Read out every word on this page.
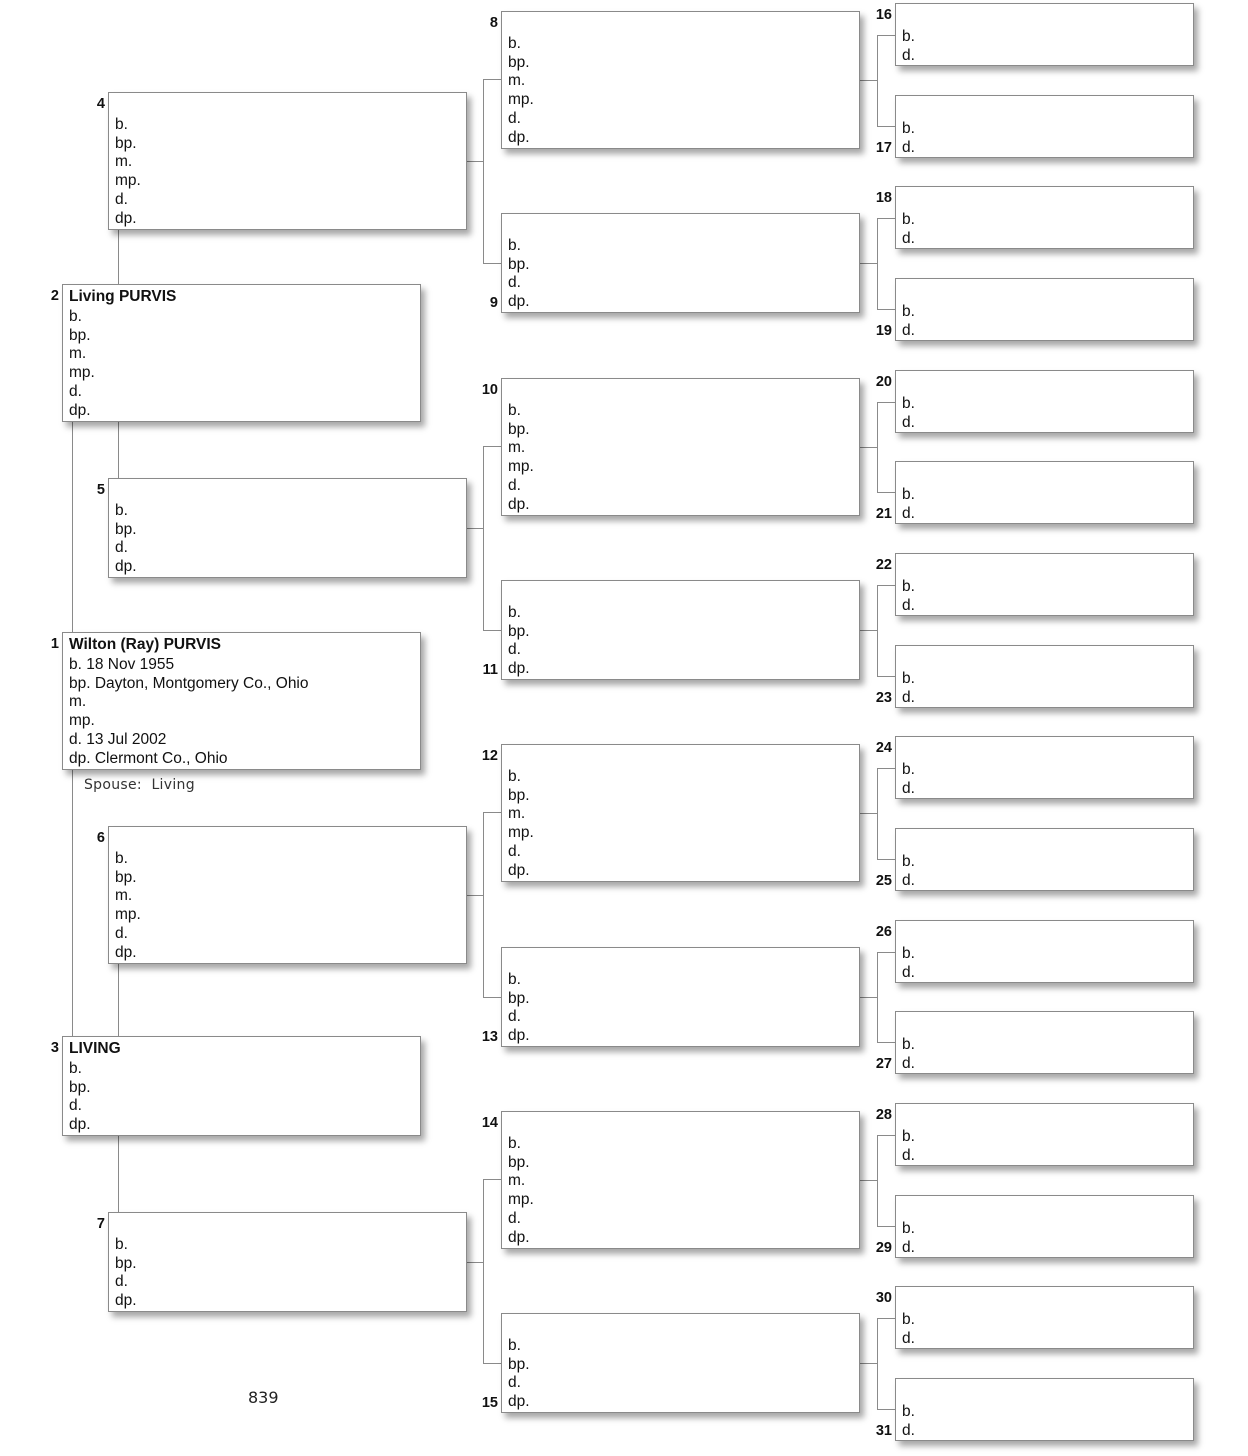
Wilton (Ray) PURVIS
b. 18 Nov 1955
bp. Dayton, Montgomery Co., Ohio
m.
mp.
d. 13 Jul 2002
dp. Clermont Co., Ohio
1
Living PURVIS
b.
bp.
m.
mp.
d.
dp.
2
LIVING
b.
bp.
d.
dp.
3
b.
bp.
m.
mp.
d.
dp.
4
b.
bp.
d.
dp.
5
b.
bp.
m.
mp.
d.
dp.
6
b.
bp.
d.
dp.
7
b.
bp.
m.
mp.
d.
dp.
8
b.
bp.
d.
dp.
9
b.
bp.
m.
mp.
d.
dp.
10
b.
bp.
d.
dp.
11
b.
bp.
m.
mp.
d.
dp.
12
b.
bp.
d.
dp.
13
b.
bp.
m.
mp.
d.
dp.
14
b.
bp.
d.
dp.
15
b.
d.
16
b.
d.
17
b.
d.
18
b.
d.
19
b.
d.
20
b.
d.
21
b.
d.
22
b.
d.
23
b.
d.
24
b.
d.
25
b.
d.
26
b.
d.
27
b.
d.
28
b.
d.
29
b.
d.
30
b.
d.
31
Spouse: Living
839
